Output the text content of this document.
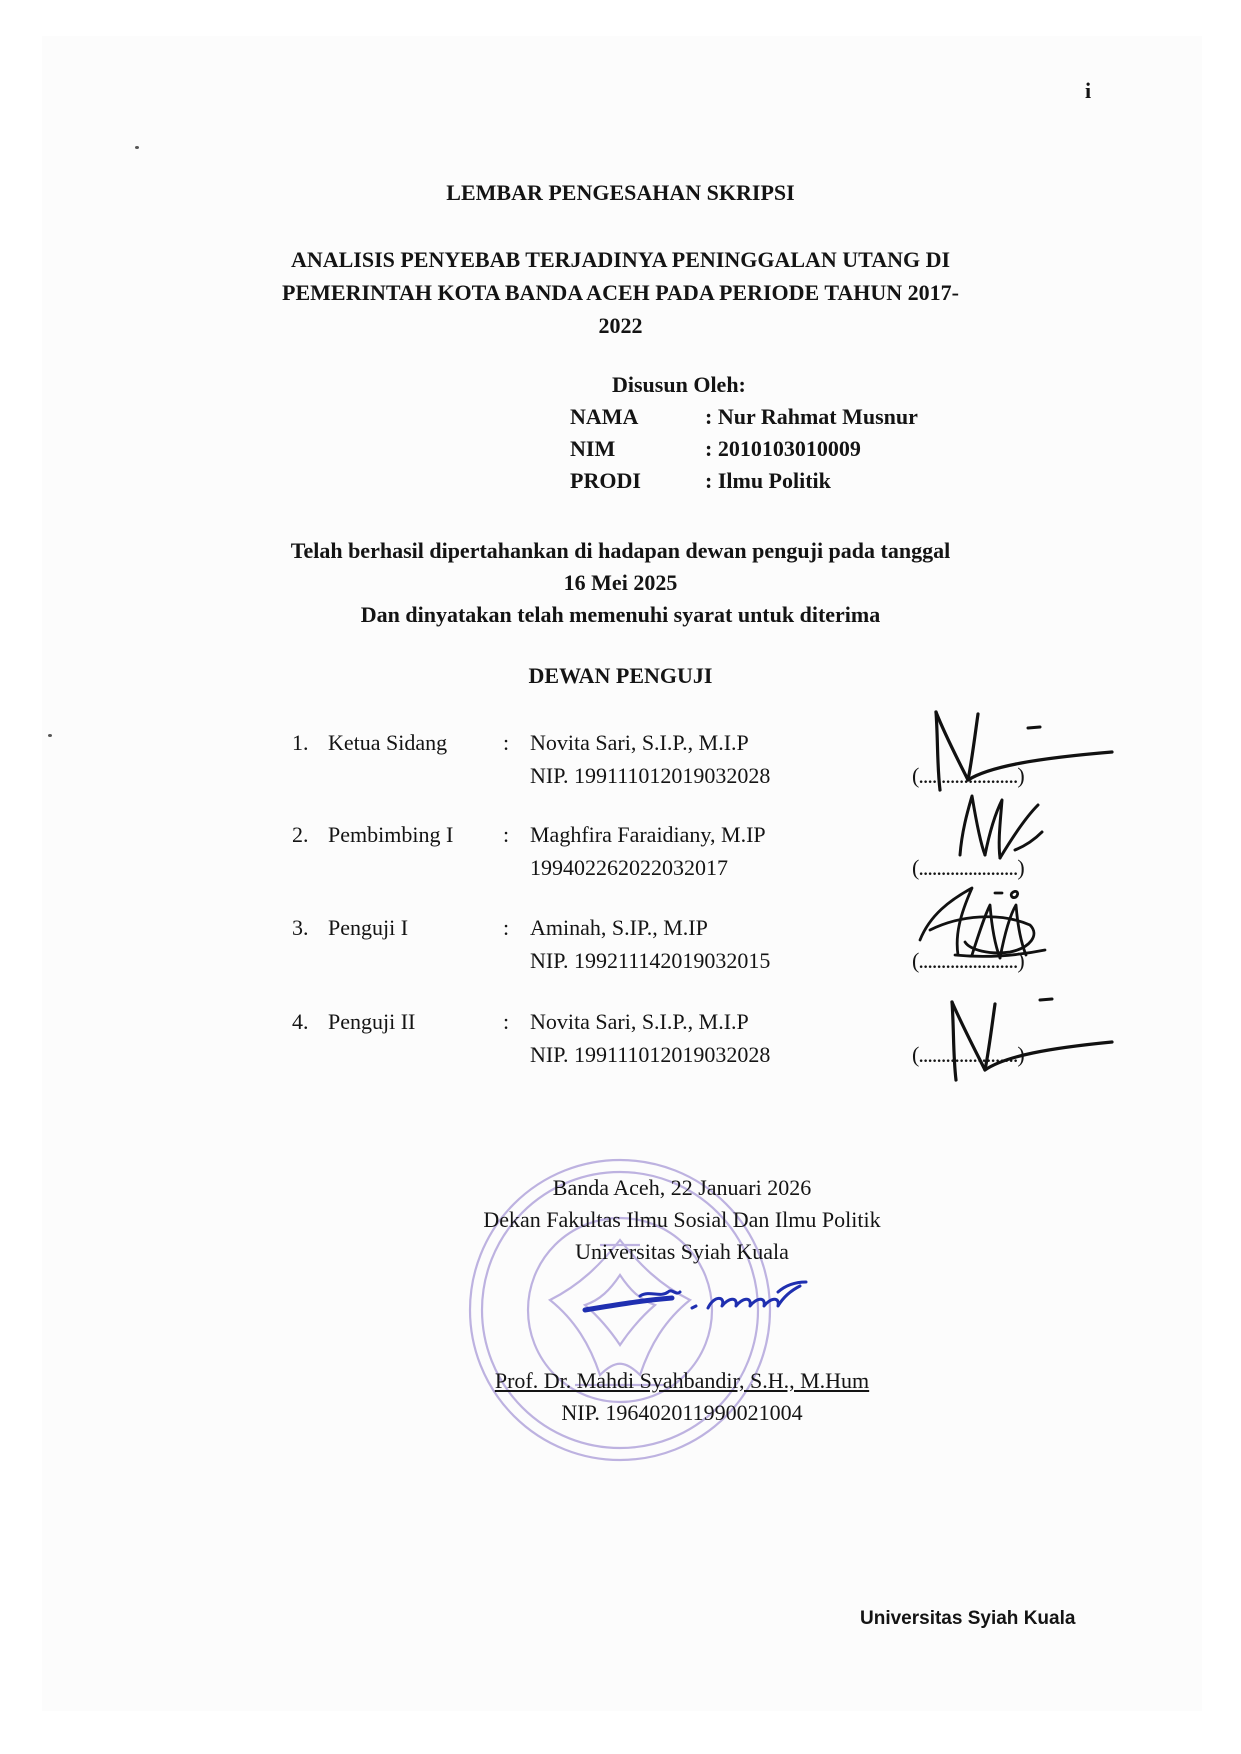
i
LEMBAR PENGESAHAN SKRIPSI
ANALISIS PENYEBAB TERJADINYA PENINGGALAN UTANG DI
PEMERINTAH KOTA BANDA ACEH PADA PERIODE TAHUN 2017-
2022
Disusun Oleh:
NAMA	: Nur Rahmat Musnur
NIM	: 2010103010009
PRODI	: Ilmu Politik
Telah berhasil dipertahankan di hadapan dewan penguji pada tanggal
16 Mei 2025
Dan dinyatakan telah memenuhi syarat untuk diterima
DEWAN PENGUJI
1. Ketua Sidang	: Novita Sari, S.I.P., M.I.P
NIP. 199111012019032028	(......................)
2. Pembimbing I : Maghfira Faraidiany, M.IP
199402262022032017	(......................)
3. Penguji I	: Aminah, S.IP., M.IP
NIP. 199211142019032015	(......................)
4. Penguji II	: Novita Sari, S.I.P., M.I.P
NIP. 199111012019032028	(......................)
Banda Aceh, 22 Januari 2026
Dekan Fakultas Ilmu Sosial Dan Ilmu Politik
Universitas Syiah Kuala
Prof. Dr. Mahdi Syahbandir, S.H., M.Hum
NIP. 196402011990021004
Universitas Syiah Kuala
